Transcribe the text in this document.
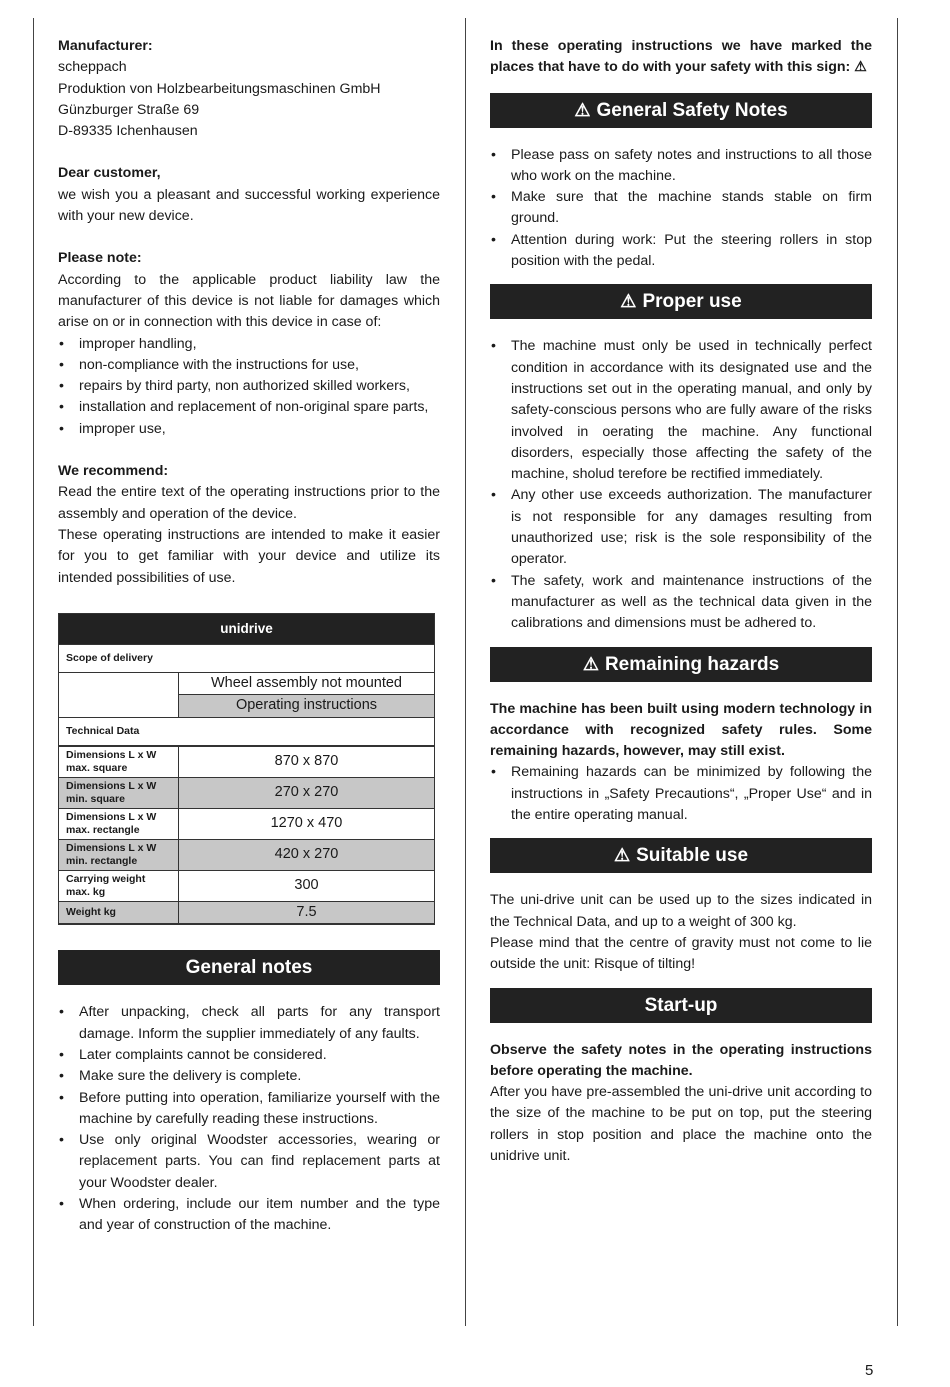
Manufacturer:

scheppach

Produktion von Holzbearbeitungsmaschinen GmbH

Günzburger Straße 69

D-89335 Ichenhausen

Dear customer,

we wish you a pleasant and successful working experience with your new device.

Please note:

According to the applicable product liability law the manufacturer of this device is not liable for damages which arise on or in connection with this device in case of:

• improper handling,
• non-compliance with the instructions for use,
• repairs by third party, non authorized skilled workers,
• installation and replacement of non-original spare parts,
• improper use,

We recommend:

Read the entire text of the operating instructions prior to the assembly and operation of the device.

These operating instructions are intended to make it easier for you to get familiar with your device and utilize its intended possibilities of use.

unidrive	
Scope of delivery	
	Wheel assembly not mounted
	Operating instructions
Technical Data	
Dimensions L x W
max. square	870 x 870
Dimensions L x W
min. square	270 x 270
Dimensions L x W
max. rectangle	1270 x 470
Dimensions L x W
min. rectangle	420 x 270
Carrying weight
max. kg	300
Weight kg	7.5
General notes
• After unpacking, check all parts for any transport damage. Inform the supplier immediately of any faults.
• Later complaints cannot be considered.
• Make sure the delivery is complete.
• Before putting into operation, familiarize yourself with the machine by carefully reading these instructions.
• Use only original Woodster accessories, wearing or replacement parts. You can find replacement parts at your Woodster dealer.
• When ordering, include our item number and the type and year of construction of the machine.

In these operating instructions we have marked the places that have to do with your safety with this sign: ⚠

⚠ General Safety Notes
• Please pass on safety notes and instructions to all those who work on the machine.
• Make sure that the machine stands stable on firm ground.
• Attention during work: Put the steering rollers in stop position with the pedal.
⚠ Proper use
• The machine must only be used in technically perfect condition in accordance with its designated use and the instructions set out in the operating manual, and only by safety-conscious persons who are fully aware of the risks involved in oerating the machine. Any functional disorders, especially those affecting the safety of the machine, sholud terefore be rectified immediately.
• Any other use exceeds authorization. The manufacturer is not responsible for any damages resulting from unauthorized use; risk is the sole responsibility of the operator.
• The safety, work and maintenance instructions of the manufacturer as well as the technical data given in the calibrations and dimensions must be adhered to.
⚠ Remaining hazards

The machine has been built using modern technology in accordance with recognized safety rules. Some remaining hazards, however, may still exist.

• Remaining hazards can be minimized by following the instructions in „Safety Precautions“, „Proper Use“ and in the entire operating manual.
⚠ Suitable use

The uni-drive unit can be used up to the sizes indicated in the Technical Data, and up to a weight of 300 kg.

Please mind that the centre of gravity must not come to lie outside the unit: Risque of tilting!

Start-up

Observe the safety notes in the operating instructions before operating the machine.

After you have pre-assembled the uni-drive unit according to the size of the machine to be put on top, put the steering rollers in stop position and place the machine onto the unidrive unit.

5
